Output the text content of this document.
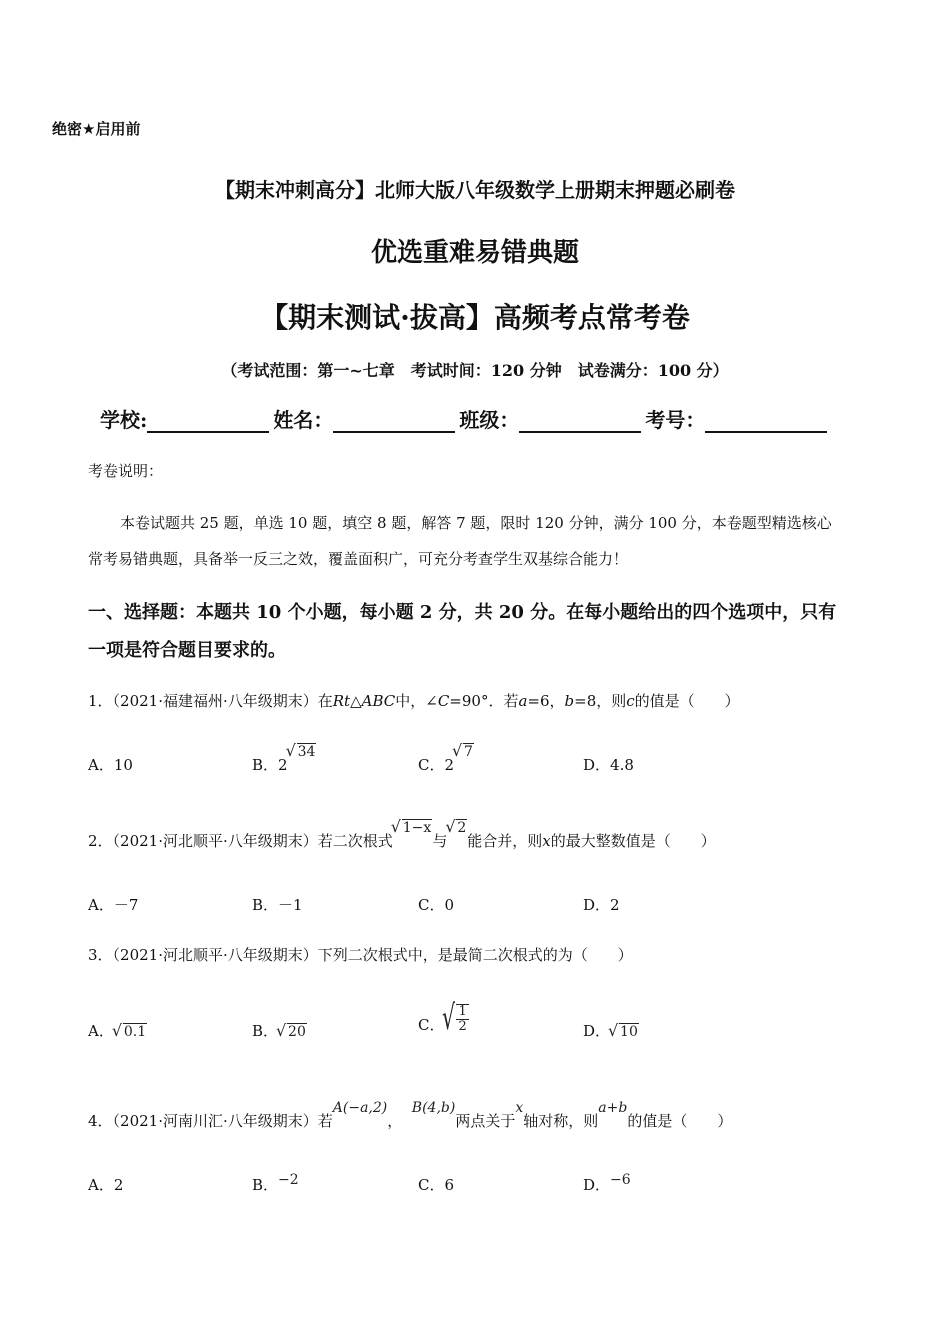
绝密★启用前
【期末冲刺高分】北师大版八年级数学上册期末押题必刷卷
优选重难易错典题
【期末测试·拔高】高频考点常考卷
（考试范围：第一~七章　考试时间：120 分钟　试卷满分：100 分）
学校:	姓名：	班级：	考号：
考卷说明：
本卷试题共 25 题，单选 10 题，填空 8 题，解答 7 题，限时 120 分钟，满分 100 分，本卷题型精选核心
常考易错典题，具备举一反三之效，覆盖面积广，可充分考查学生双基综合能力！
一、选择题：本题共 10 个小题，每小题 2 分，共 20 分。在每小题给出的四个选项中，只有
一项是符合题目要求的。
1．（2021·福建福州·八年级期末）在Rt△ABC中，∠C=90°．若a=6，b=8，则c的值是（　　）
A．10	B．2√ 34
C．2√ 7
D．4.8
2．（2021·河北顺平·八年级期末）若二次根式√ 1−x与√ 2能合并，则x的最大整数值是（　　）
A．－7	B．－1	C．0	D．2
3．（2021·河北顺平·八年级期末）下列二次根式中，是最简二次根式的为（　　）
A． √ 0.1	B． √ 20	C． √ $\frac{1}{2}$	D． √ 10
4．（2021·河南川汇·八年级期末）若A(−a,2)，  B(4,b)两点关于x轴对称，则a+b的值是（　　）
A．2	B．−2	C．6	D．−6
